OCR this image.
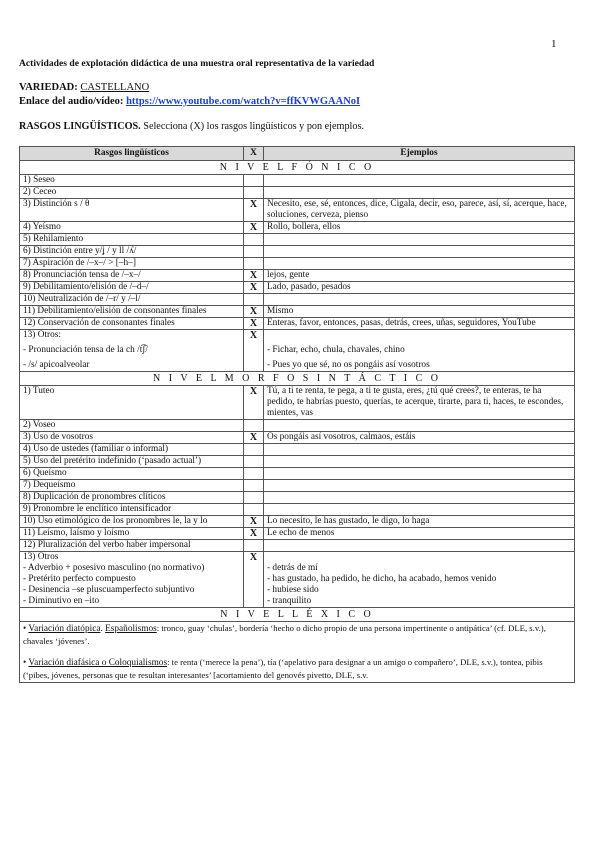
1
Actividades de explotación didáctica de una muestra oral representativa de la variedad
VARIEDAD: CASTELLANO
Enlace del audio/vídeo: https://www.youtube.com/watch?v=ffKVWGAANoI
RASGOS LINGÜÍSTICOS. Selecciona (X) los rasgos lingüísticos y pon ejemplos.
Rasgos lingüísticos	X	Ejemplos
N I V E L F Ó N I C O		
1) Seseo		
2) Ceceo		
3) Distinción s / θ	X	Necesito, ese, sé, entonces, dice, Cigala, decir, eso, parece, así, sí, acerque, hace, soluciones, cerveza, pienso
4) Yeísmo	X	Rollo, bollera, ellos
5) Rehilamiento		
6) Distinción entre y/ʝ / y ll /ʎ/		
7) Aspiración de /–x–/ > [–h–]		
8) Pronunciación tensa de /–x–/	X	lejos, gente
9) Debilitamiento/elisión de /–d–/	X	Lado, pasado, pesados
10) Neutralización de /–r/ y /–l/		
11) Debilitamiento/elisión de consonantes finales	X	Mismo
12) Conservación de consonantes finales	X	Enteras, favor, entonces, pasas, detrás, crees, uñas, seguidores, YouTube

13) Otros:
- Pronunciación tensa de la ch /t͡ʃ/
- /s/ apicoalveolar	X	- Fichar, echo, chula, chavales, chino
- Pues yo que sé, no os pongáis así vosotros

N I V E L M O R F O S I N T Á C T I C O		
1) Tuteo	X	Tú, a ti te renta, te pega, a ti te gusta, eres, ¿tú qué crees?, te enteras, te ha pedido, te habrías puesto, querías, te acerque, tirarte, para ti, haces, te escondes, mientes, vas
2) Voseo		
3) Uso de vosotros	X	Os pongáis así vosotros, calmaos, estáis
4) Uso de ustedes (familiar o informal)		
5) Uso del pretérito indefinido (‘pasado actual’)		
6) Queísmo		
7) Dequeísmo		
8) Duplicación de pronombres clíticos		
9) Pronombre le enclítico intensificador		
10) Uso etimológico de los pronombres le, la y lo	X	Lo necesito, le has gustado, le digo, lo haga
11) Leísmo, laísmo y loísmo	X	Le echo de menos
12) Pluralización del verbo haber impersonal		

13) Otros
- Adverbio + posesivo masculino (no normativo)
- Pretérito perfecto compuesto
- Desinencia –se pluscuamperfecto subjuntivo
- Diminutivo en –ito	X	- detrás de mí
- has gustado, ha pedido, he dicho, ha acabado, hemos venido
- hubiese sido
- tranquilito

N I V E L L É X I C O		

• Variación diatópica. Españolismos: tronco, guay ‘chulas’, bordería ‘hecho o dicho propio de una persona impertinente o antipática’ (cf. DLE, s.v.), chavales ‘jóvenes’.
• Variación diafásica o Coloquialismos: te renta (‘merece la pena’), tía (‘apelativo para designar a un amigo o compañero’, DLE, s.v.), tontea, pibis (‘pibes, jóvenes, personas que te resultan interesantes’ [acortamiento del genovés pivetto, DLE, s.v.		
